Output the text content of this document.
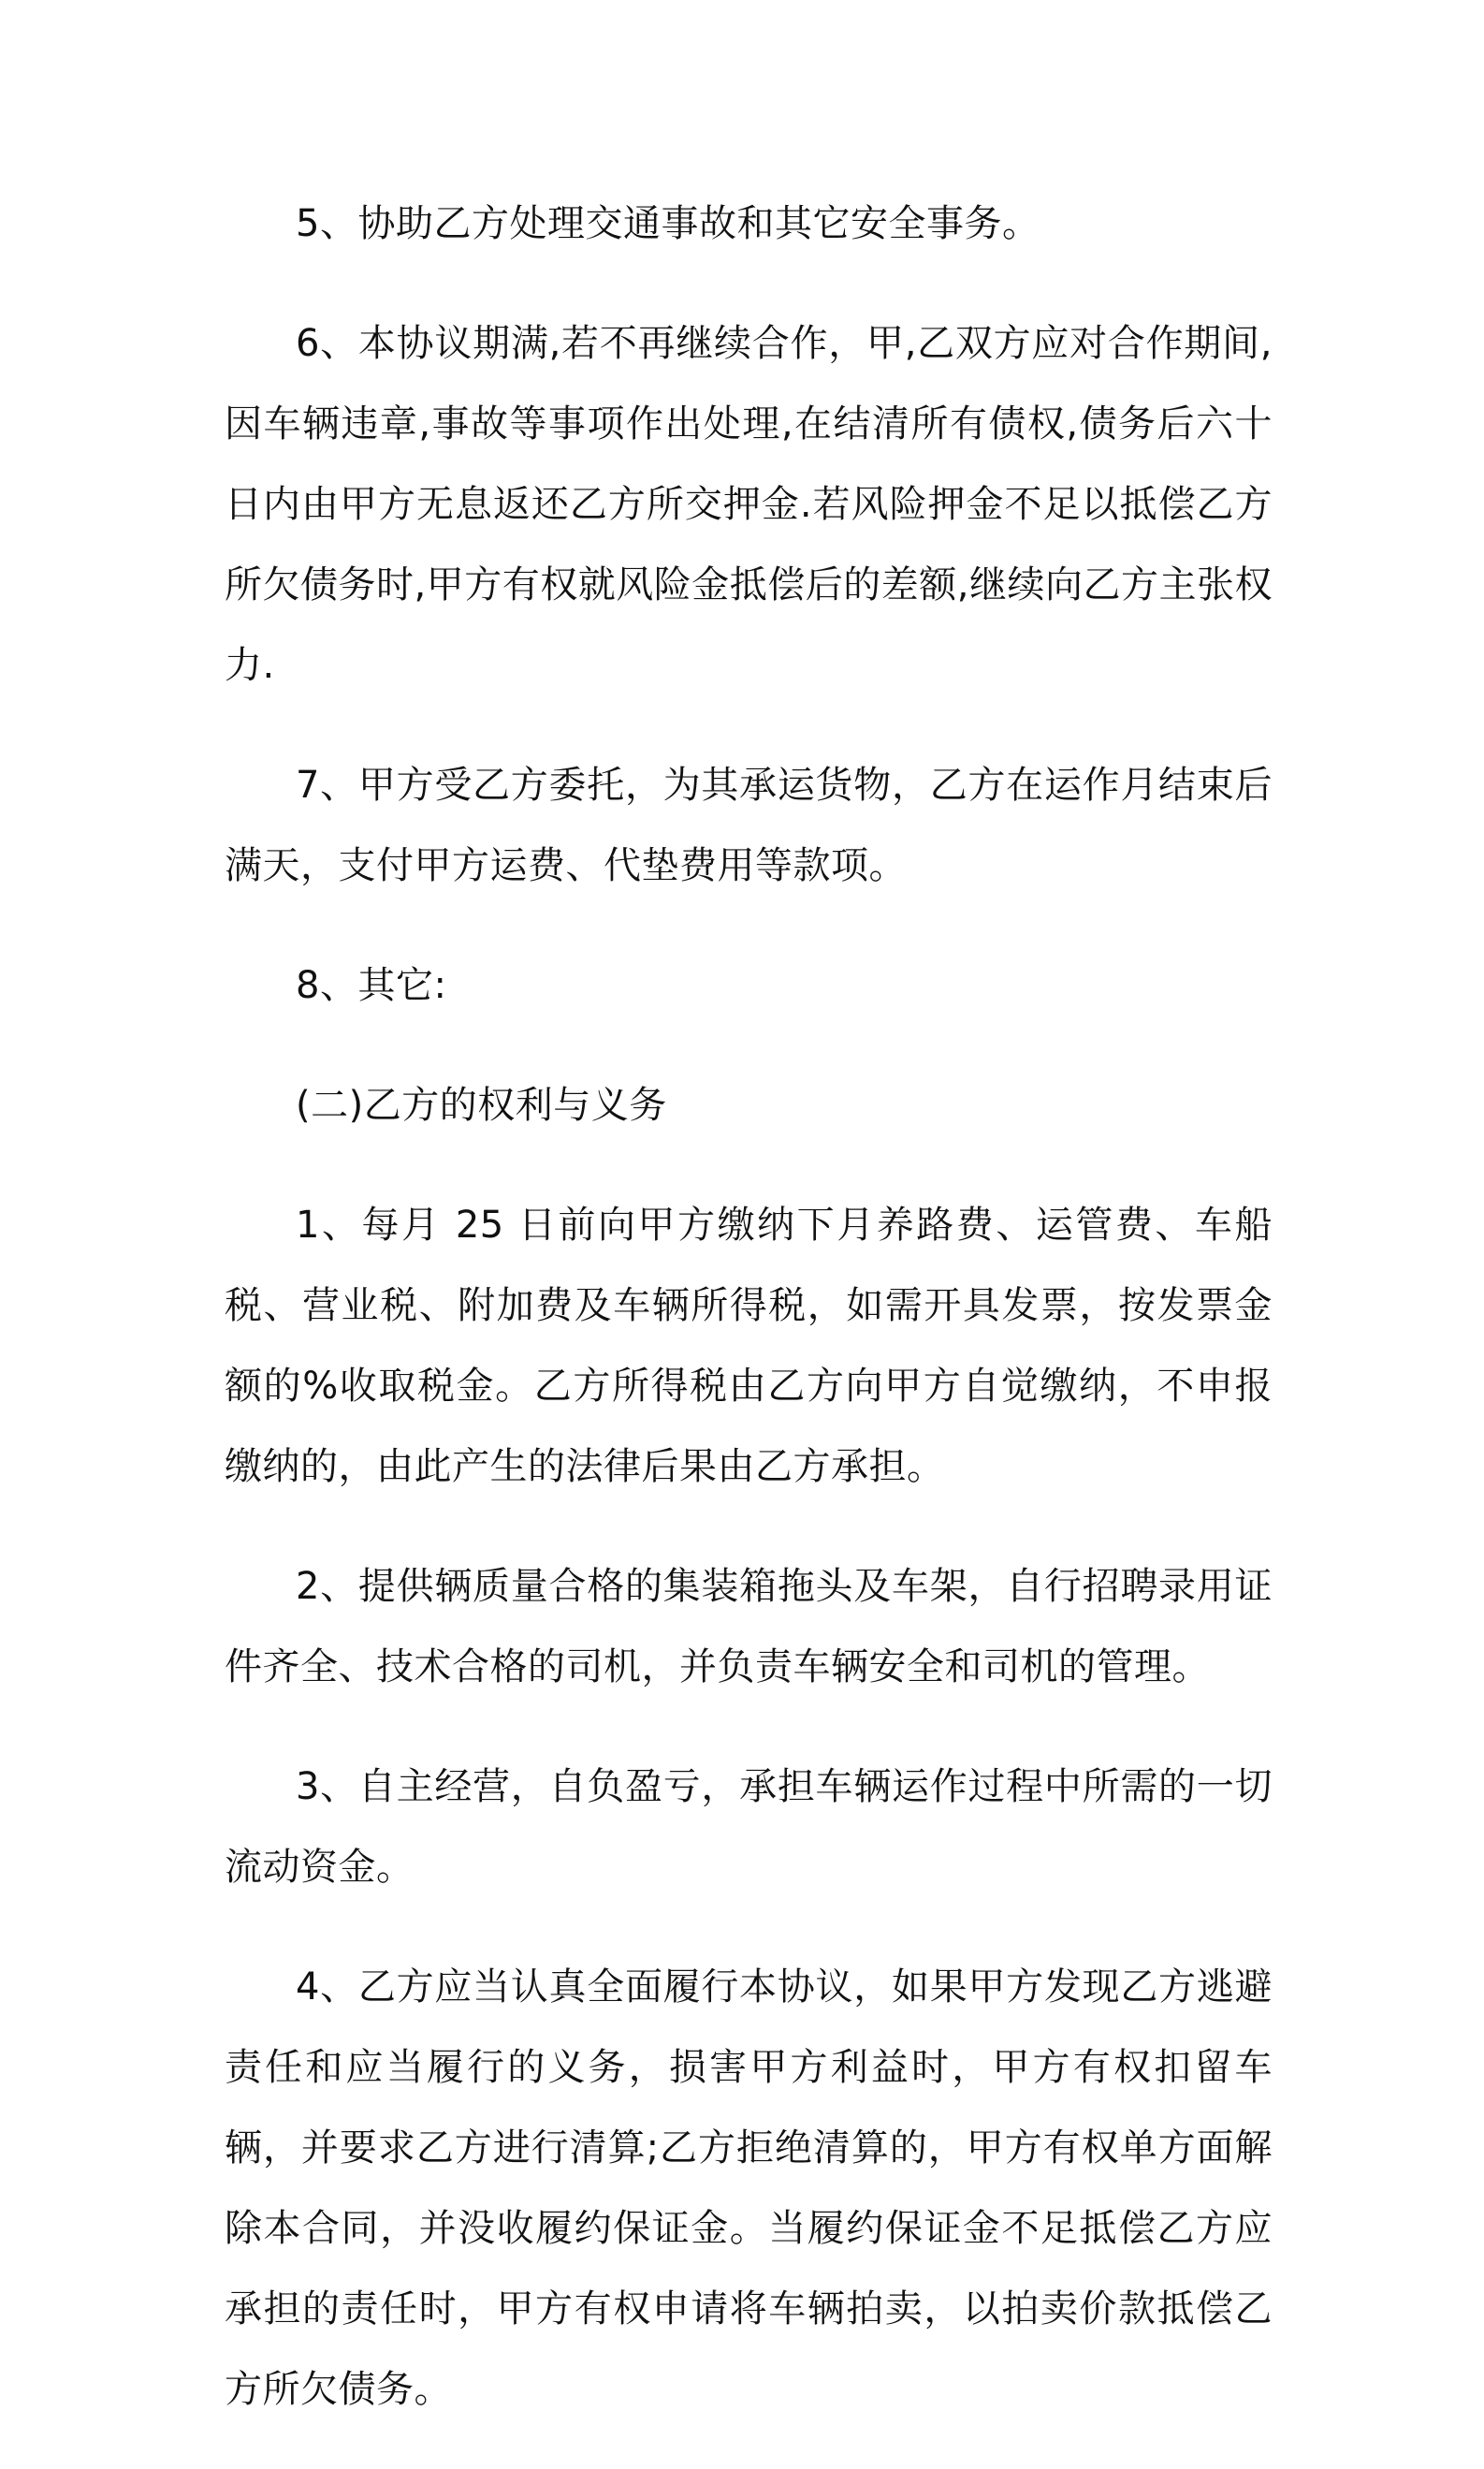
5、协助乙方处理交通事故和其它安全事务。

6、本协议期满,若不再继续合作，甲,乙双方应对合作期间,因车辆违章,事故等事项作出处理,在结清所有债权,债务后六十日内由甲方无息返还乙方所交押金.若风险押金不足以抵偿乙方所欠债务时,甲方有权就风险金抵偿后的差额,继续向乙方主张权力.

7、甲方受乙方委托，为其承运货物，乙方在运作月结束后满天，支付甲方运费、代垫费用等款项。

8、其它:

(二)乙方的权利与义务

1、每月 25 日前向甲方缴纳下月养路费、运管费、车船税、营业税、附加费及车辆所得税，如需开具发票，按发票金额的%收取税金。乙方所得税由乙方向甲方自觉缴纳，不申报缴纳的，由此产生的法律后果由乙方承担。

2、提供辆质量合格的集装箱拖头及车架，自行招聘录用证件齐全、技术合格的司机，并负责车辆安全和司机的管理。

3、自主经营，自负盈亏，承担车辆运作过程中所需的一切流动资金。

4、乙方应当认真全面履行本协议，如果甲方发现乙方逃避责任和应当履行的义务，损害甲方利益时，甲方有权扣留车辆，并要求乙方进行清算;乙方拒绝清算的，甲方有权单方面解除本合同，并没收履约保证金。当履约保证金不足抵偿乙方应承担的责任时，甲方有权申请将车辆拍卖，以拍卖价款抵偿乙方所欠债务。
